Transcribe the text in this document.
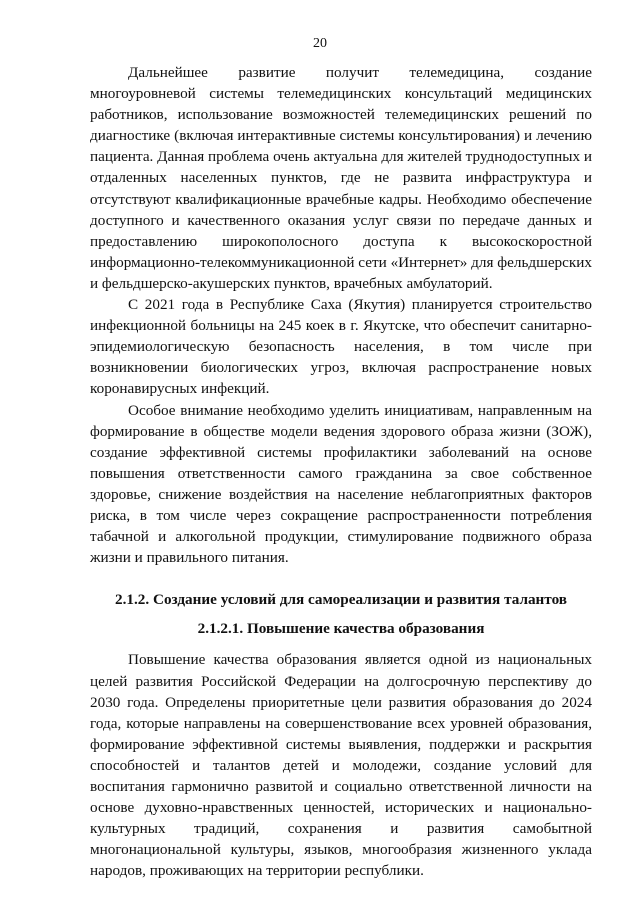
20

Дальнейшее развитие получит телемедицина, создание многоуровневой системы телемедицинских консультаций медицинских работников, использование возможностей телемедицинских решений по диагностике (включая интерактивные системы консультирования) и лечению пациента. Данная проблема очень актуальна для жителей труднодоступных и отдаленных населенных пунктов, где не развита инфраструктура и отсутствуют квалификационные врачебные кадры. Необходимо обеспечение доступного и качественного оказания услуг связи по передаче данных и предоставлению широкополосного доступа к высокоскоростной информационно-телекоммуникационной сети «Интернет» для фельдшерских и фельдшерско-акушерских пунктов, врачебных амбулаторий.

С 2021 года в Республике Саха (Якутия) планируется строительство инфекционной больницы на 245 коек в г. Якутске, что обеспечит санитарно-эпидемиологическую безопасность населения, в том числе при возникновении биологических угроз, включая распространение новых коронавирусных инфекций.

Особое внимание необходимо уделить инициативам, направленным на формирование в обществе модели ведения здорового образа жизни (ЗОЖ), создание эффективной системы профилактики заболеваний на основе повышения ответственности самого гражданина за свое собственное здоровье, снижение воздействия на население неблагоприятных факторов риска, в том числе через сокращение распространенности потребления табачной и алкогольной продукции, стимулирование подвижного образа жизни и правильного питания.

2.1.2. Создание условий для самореализации и развития талантов

2.1.2.1. Повышение качества образования

Повышение качества образования является одной из национальных целей развития Российской Федерации на долгосрочную перспективу до 2030 года. Определены приоритетные цели развития образования до 2024 года, которые направлены на совершенствование всех уровней образования, формирование эффективной системы выявления, поддержки и раскрытия способностей и талантов детей и молодежи, создание условий для воспитания гармонично развитой и социально ответственной личности на основе духовно-нравственных ценностей, исторических и национально-культурных традиций, сохранения и развития самобытной многонациональной культуры, языков, многообразия жизненного уклада народов, проживающих на территории республики.
